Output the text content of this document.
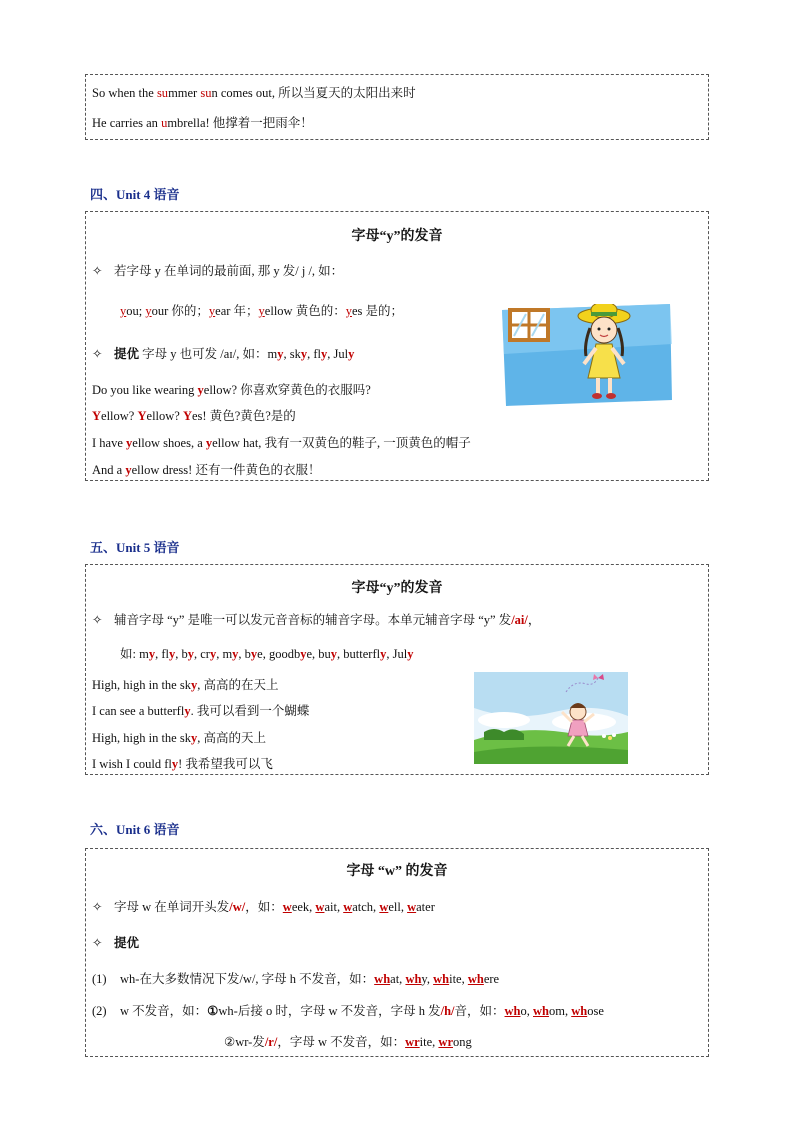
So when the summer sun comes out, 所以当夏天的太阳出来时
He carries an umbrella! 他撑着一把雨伞！
四、Unit 4 语音
字母“y”的发音
✧ 若字母 y 在单词的最前面, 那 y 发/ j /, 如：
you; your 你的；year 年；yellow 黄色的：yes 是的；
✧ 提优 字母 y 也可发 /aɪ/, 如：my, sky, fly, July
Do you like wearing yellow? 你喜欢穿黄色的衣服吗?
Yellow? Yellow? Yes! 黄色?黄色?是的
I have yellow shoes, a yellow hat, 我有一双黄色的鞋子, 一顶黄色的帽子
And a yellow dress! 还有一件黄色的衣服！
五、Unit 5 语音
字母“y”的发音
✧ 辅音字母 “y” 是唯一可以发元音音标的辅音字母。本单元辅音字母 “y” 发/ai/，
如: my, fly, by, cry, my, bye, goodbye, buy, butterfly, July
High, high in the sky, 高高的在天上
I can see a butterfly. 我可以看到一个蝴蝶
High, high in the sky, 高高的天上
I wish I could fly! 我希望我可以飞
六、Unit 6 语音
字母 “w” 的发音
✧ 字母 w 在单词开头发/w/，如：week, wait, watch, well, water
✧ 提优
(1) wh-在大多数情况下发/w/, 字母 h 不发音，如：what, why, white, where
(2) w 不发音，如：①wh-后接 o 时，字母 w 不发音，字母 h 发/h/音，如：who, whom, whose
②wr-发/r/，字母 w 不发音，如：write, wrong
